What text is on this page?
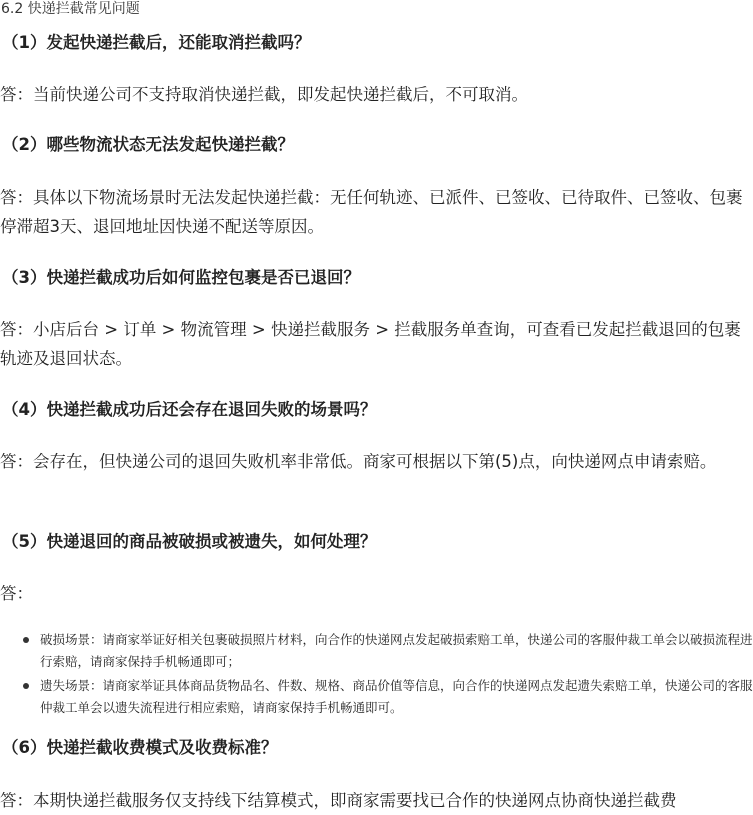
6.2 快递拦截常见问题
（1）发起快递拦截后，还能取消拦截吗？
答：当前快递公司不支持取消快递拦截，即发起快递拦截后，不可取消。
（2）哪些物流状态无法发起快递拦截？
答：具体以下物流场景时无法发起快递拦截：无任何轨迹、已派件、已签收、已待取件、已签收、包裹停滞超3天、退回地址因快递不配送等原因。
（3）快递拦截成功后如何监控包裹是否已退回？
答：小店后台 > 订单 > 物流管理 > 快递拦截服务 > 拦截服务单查询，可查看已发起拦截退回的包裹轨迹及退回状态。
（4）快递拦截成功后还会存在退回失败的场景吗？
答：会存在，但快递公司的退回失败机率非常低。商家可根据以下第(5)点，向快递网点申请索赔。
（5）快递退回的商品被破损或被遗失，如何处理？
答：
破损场景：请商家举证好相关包裹破损照片材料，向合作的快递网点发起破损索赔工单，快递公司的客服仲裁工单会以破损流程进行索赔，请商家保持手机畅通即可；
遗失场景：请商家举证具体商品货物品名、件数、规格、商品价值等信息，向合作的快递网点发起遗失索赔工单，快递公司的客服仲裁工单会以遗失流程进行相应索赔，请商家保持手机畅通即可。
（6）快递拦截收费模式及收费标准？
答：本期快递拦截服务仅支持线下结算模式，即商家需要找已合作的快递网点协商快递拦截费
